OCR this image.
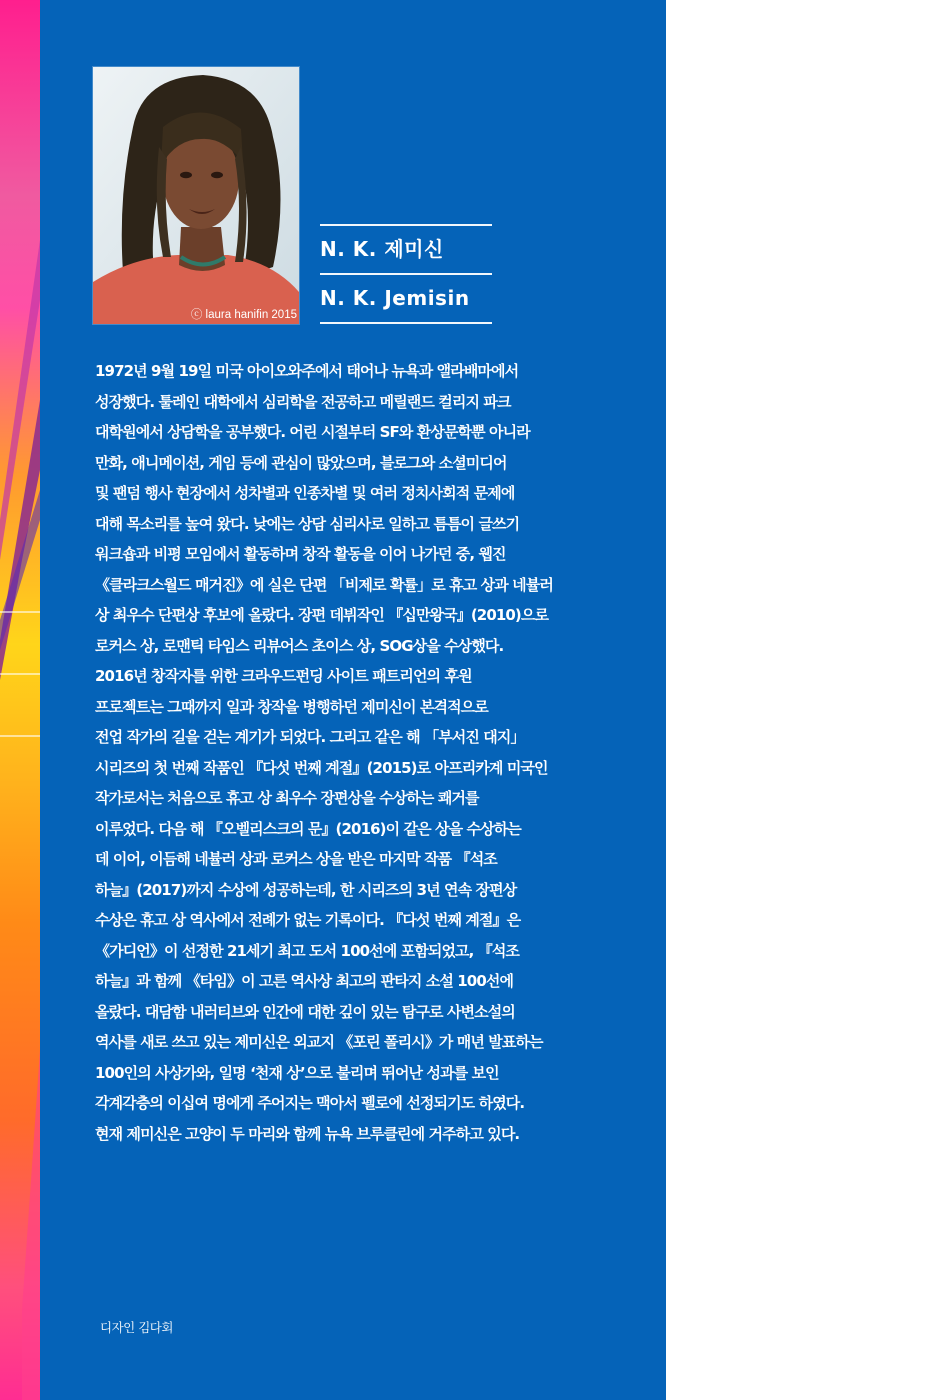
ⓒ laura hanifin 2015
N. K. 제미신
N. K. Jemisin
1972년 9월 19일 미국 아이오와주에서 태어나 뉴욕과 앨라배마에서
성장했다. 툴레인 대학에서 심리학을 전공하고 메릴랜드 컬리지 파크
대학원에서 상담학을 공부했다. 어린 시절부터 SF와 환상문학뿐 아니라
만화, 애니메이션, 게임 등에 관심이 많았으며, 블로그와 소셜미디어
및 팬덤 행사 현장에서 성차별과 인종차별 및 여러 정치사회적 문제에
대해 목소리를 높여 왔다. 낮에는 상담 심리사로 일하고 틈틈이 글쓰기
워크숍과 비평 모임에서 활동하며 창작 활동을 이어 나가던 중, 웹진
《클라크스월드 매거진》에 실은 단편 「비제로 확률」로 휴고 상과 네뷸러
상 최우수 단편상 후보에 올랐다. 장편 데뷔작인 『십만왕국』(2010)으로
로커스 상, 로맨틱 타임스 리뷰어스 초이스 상, SOG상을 수상했다.
2016년 창작자를 위한 크라우드펀딩 사이트 패트리언의 후원
프로젝트는 그때까지 일과 창작을 병행하던 제미신이 본격적으로
전업 작가의 길을 걷는 계기가 되었다. 그리고 같은 해 「부서진 대지」
시리즈의 첫 번째 작품인 『다섯 번째 계절』(2015)로 아프리카계 미국인
작가로서는 처음으로 휴고 상 최우수 장편상을 수상하는 쾌거를
이루었다. 다음 해 『오벨리스크의 문』(2016)이 같은 상을 수상하는
데 이어, 이듬해 네뷸러 상과 로커스 상을 받은 마지막 작품 『석조
하늘』(2017)까지 수상에 성공하는데, 한 시리즈의 3년 연속 장편상
수상은 휴고 상 역사에서 전례가 없는 기록이다. 『다섯 번째 계절』은
《가디언》이 선정한 21세기 최고 도서 100선에 포함되었고, 『석조
하늘』과 함께 《타임》이 고른 역사상 최고의 판타지 소설 100선에
올랐다. 대담함 내러티브와 인간에 대한 깊이 있는 탐구로 사변소설의
역사를 새로 쓰고 있는 제미신은 외교지 《포린 폴리시》가 매년 발표하는
100인의 사상가와, 일명 ‘천재 상’으로 불리며 뛰어난 성과를 보인
각계각층의 이십여 명에게 주어지는 맥아서 펠로에 선정되기도 하였다.
현재 제미신은 고양이 두 마리와 함께 뉴욕 브루클린에 거주하고 있다.
디자인 김다회
